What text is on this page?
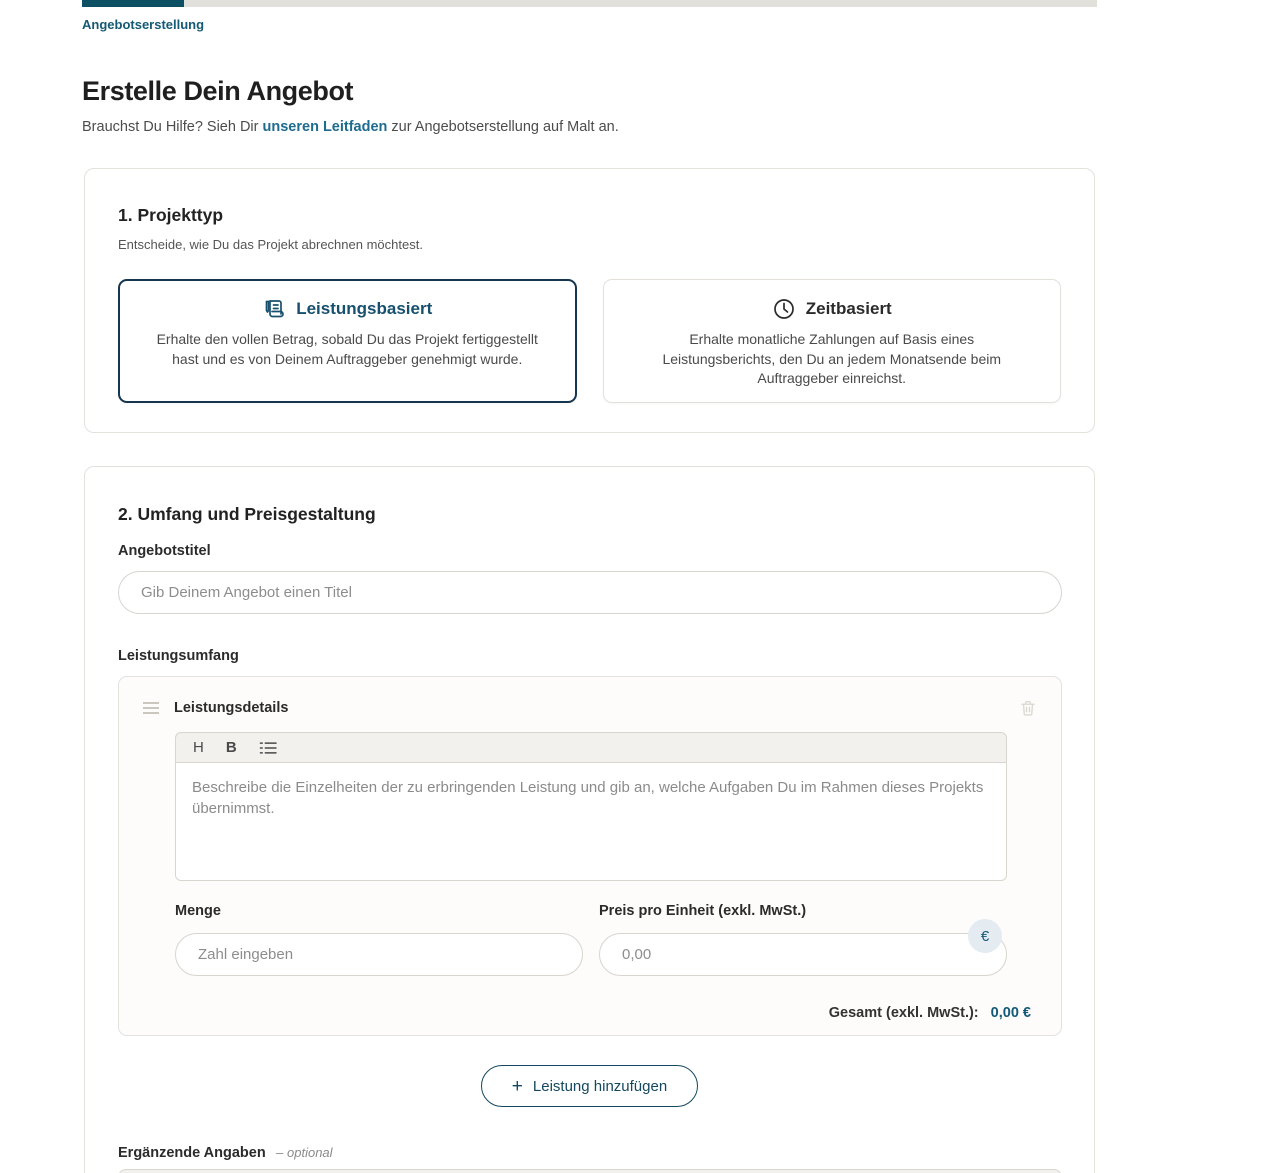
Angebotserstellung
Erstelle Dein Angebot

Brauchst Du Hilfe? Sieh Dir unseren Leitfaden zur Angebotserstellung auf Malt an.

1. Projekttyp

Entscheide, wie Du das Projekt abrechnen möchtest.

Leistungsbasiert

Erhalte den vollen Betrag, sobald Du das Projekt fertiggestellt hast und es von Deinem Auftraggeber genehmigt wurde.

Zeitbasiert

Erhalte monatliche Zahlungen auf Basis eines Leistungsberichts, den Du an jedem Monatsende beim Auftraggeber einreichst.

2. Umfang und Preisgestaltung
Angebotstitel
Gib Deinem Angebot einen Titel
Leistungsumfang
Leistungsdetails
H B
Beschreibe die Einzelheiten der zu erbringenden Leistung und gib an, welche Aufgaben Du im Rahmen dieses Projekts übernimmst.
Menge Zahl eingeben	Preis pro Einheit (exkl. MwSt.) 0,00
€
Gesamt (exkl. MwSt.): 0,00 €
+ Leistung hinzufügen
Ergänzende Angaben – optional
